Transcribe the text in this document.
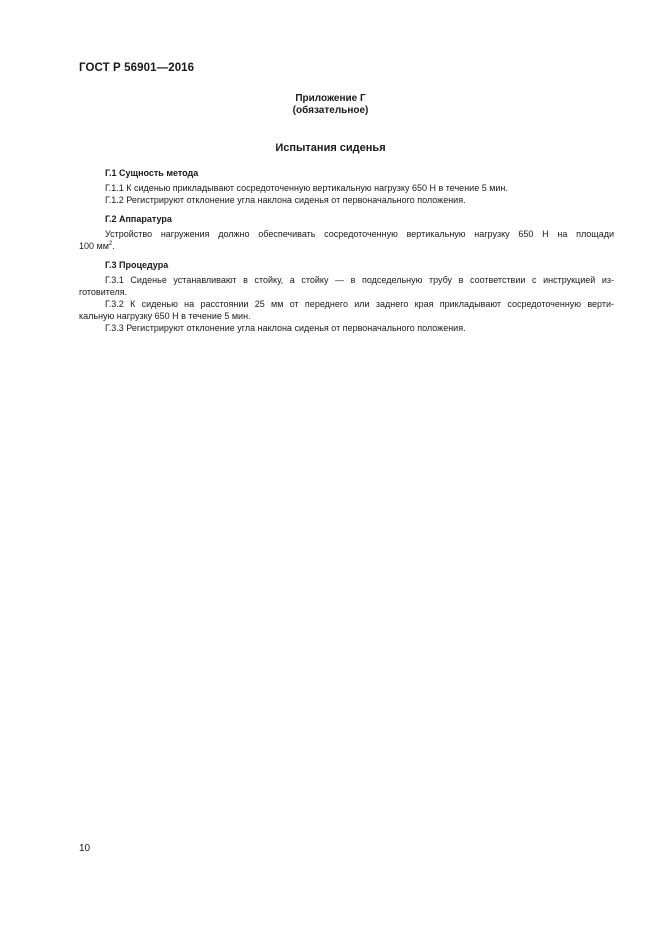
ГОСТ Р 56901—2016
Приложение Г
(обязательное)
Испытания сиденья
Г.1 Сущность метода

Г.1.1 К сиденью прикладывают сосредоточенную вертикальную нагрузку 650 Н в течение 5 мин.

Г.1.2 Регистрируют отклонение угла наклона сиденья от первоначального положения.

Г.2 Аппаратура
Устройство нагружения должно обеспечивать сосредоточенную вертикальную нагрузку 650 Н на площади
100 $мм^2$.
Г.3 Процедура
Г.3.1 Сиденье устанавливают в стойку, а стойку — в подседельную трубу в соответствии с инструкцией из-
готовителя.
Г.3.2 К сиденью на расстоянии 25 мм от переднего или заднего края прикладывают сосредоточенную верти-
кальную нагрузку 650 Н в течение 5 мин.

Г.3.3 Регистрируют отклонение угла наклона сиденья от первоначального положения.

10
